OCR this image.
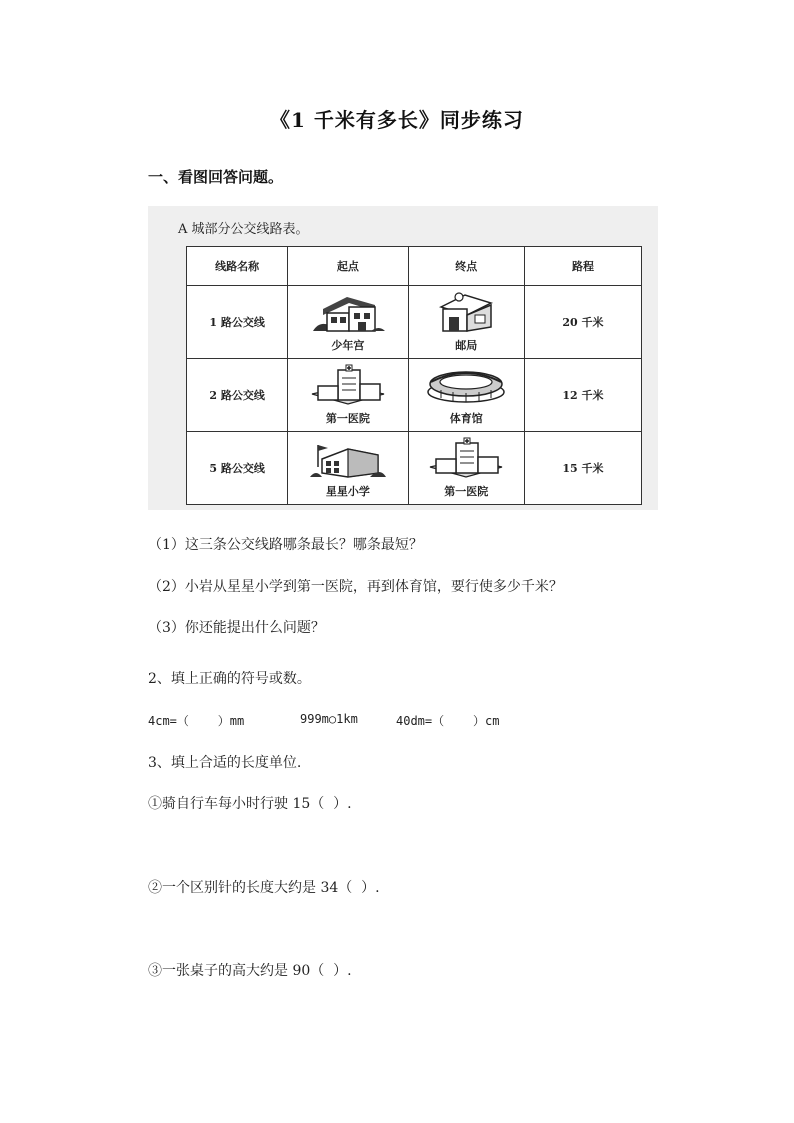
《1 千米有多长》同步练习
一、看图回答问题。
A 城部分公交线路表。
线路名称	起点	终点	路程
1 路公交线	少年宫	邮局	20 千米
2 路公交线	第一医院	体育馆	12 千米
5 路公交线	星星小学	第一医院	15 千米
（1）这三条公交线路哪条最长？哪条最短？
（2）小岩从星星小学到第一医院，再到体育馆，要行使多少千米？
（3）你还能提出什么问题？
2、填上正确的符号或数。
4cm=（    ）mm	999m○1km	40dm=（    ）cm
3、填上合适的长度单位.
①骑自行车每小时行驶 15（  ）.
②一个区别针的长度大约是 34（  ）.
③一张桌子的高大约是 90（  ）.
